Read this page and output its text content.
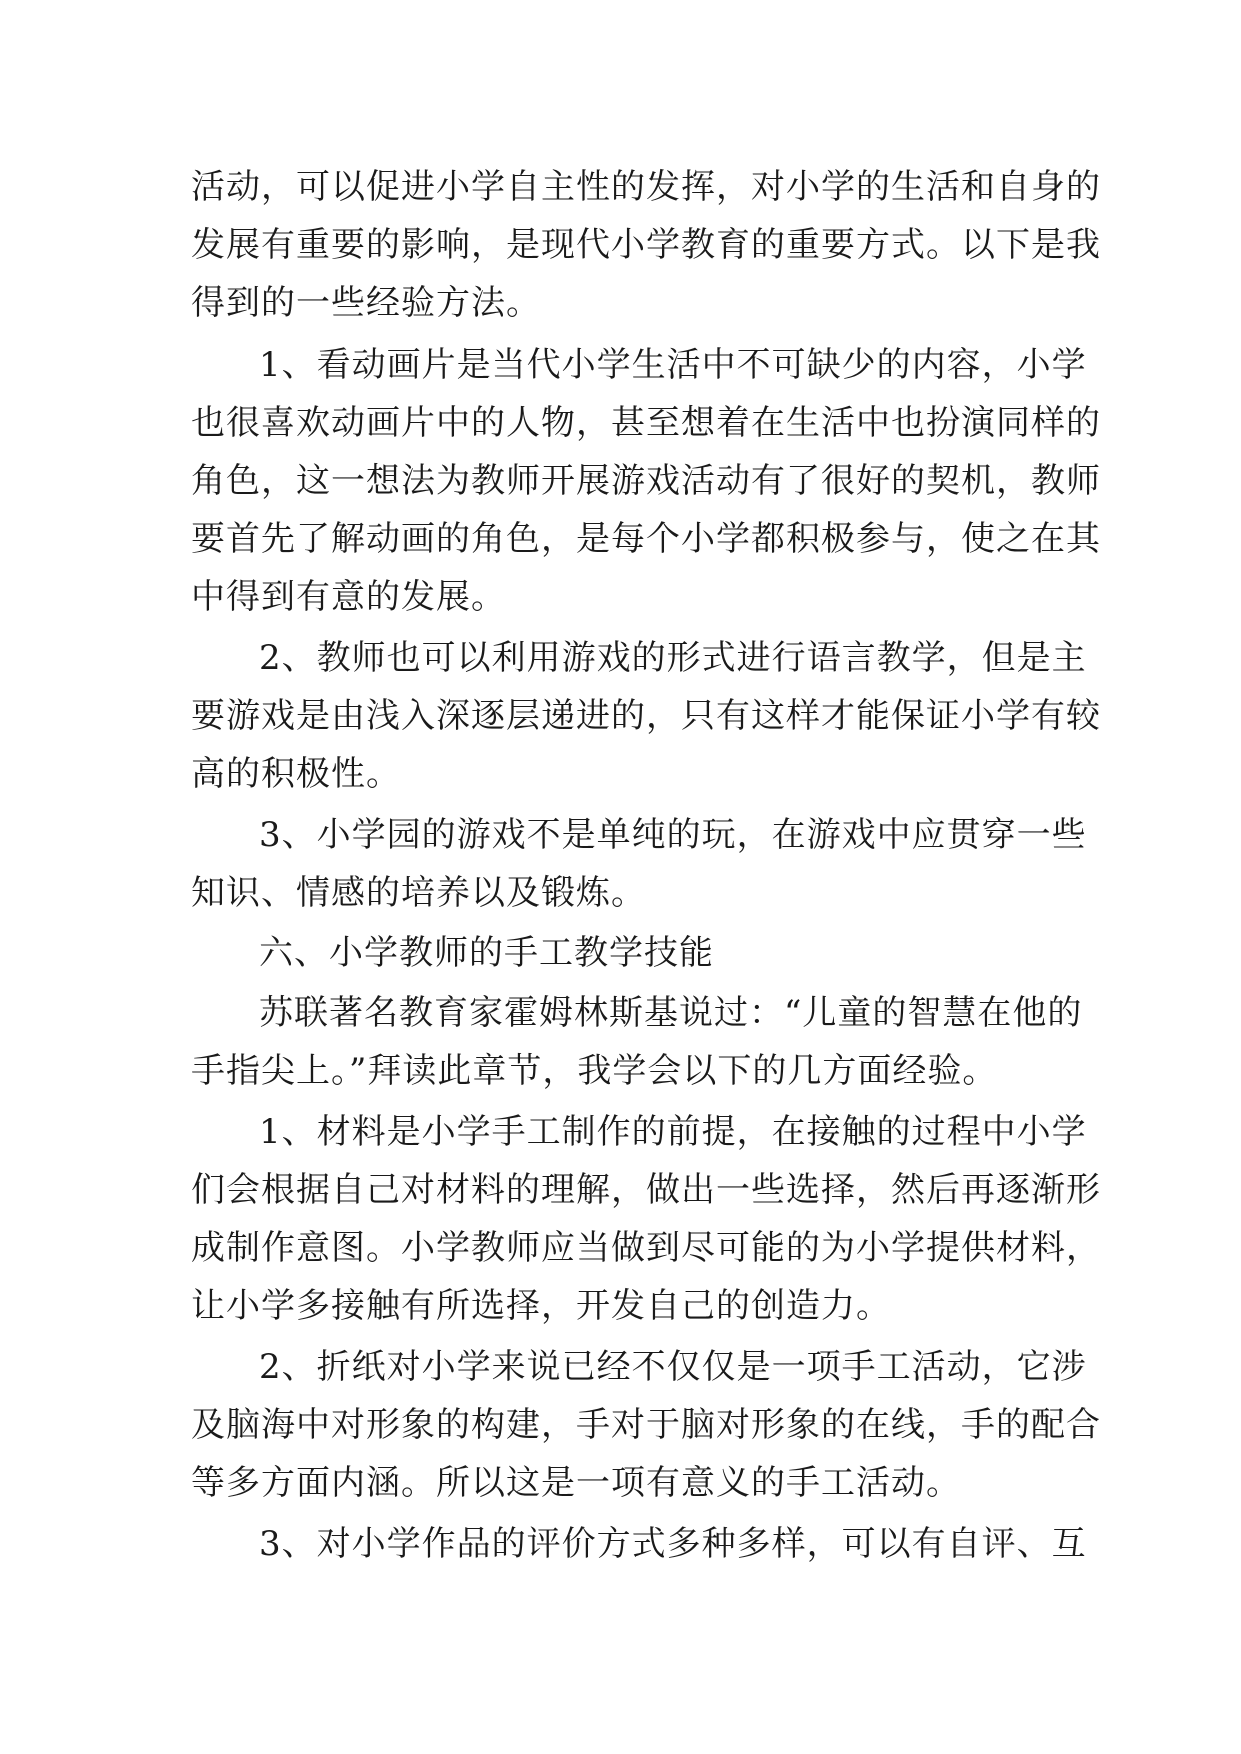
活动，可以促进小学自主性的发挥，对小学的生活和自身的
发展有重要的影响，是现代小学教育的重要方式。以下是我
得到的一些经验方法。
1、看动画片是当代小学生活中不可缺少的内容，小学
也很喜欢动画片中的人物，甚至想着在生活中也扮演同样的
角色，这一想法为教师开展游戏活动有了很好的契机，教师
要首先了解动画的角色，是每个小学都积极参与，使之在其
中得到有意的发展。
2、教师也可以利用游戏的形式进行语言教学，但是主
要游戏是由浅入深逐层递进的，只有这样才能保证小学有较
高的积极性。
3、小学园的游戏不是单纯的玩，在游戏中应贯穿一些
知识、情感的培养以及锻炼。
六、小学教师的手工教学技能
苏联著名教育家霍姆林斯基说过：“儿童的智慧在他的
手指尖上。”拜读此章节，我学会以下的几方面经验。
1、材料是小学手工制作的前提，在接触的过程中小学
们会根据自己对材料的理解，做出一些选择，然后再逐渐形
成制作意图。小学教师应当做到尽可能的为小学提供材料，
让小学多接触有所选择，开发自己的创造力。
2、折纸对小学来说已经不仅仅是一项手工活动，它涉
及脑海中对形象的构建，手对于脑对形象的在线，手的配合
等多方面内涵。所以这是一项有意义的手工活动。
3、对小学作品的评价方式多种多样，可以有自评、互
